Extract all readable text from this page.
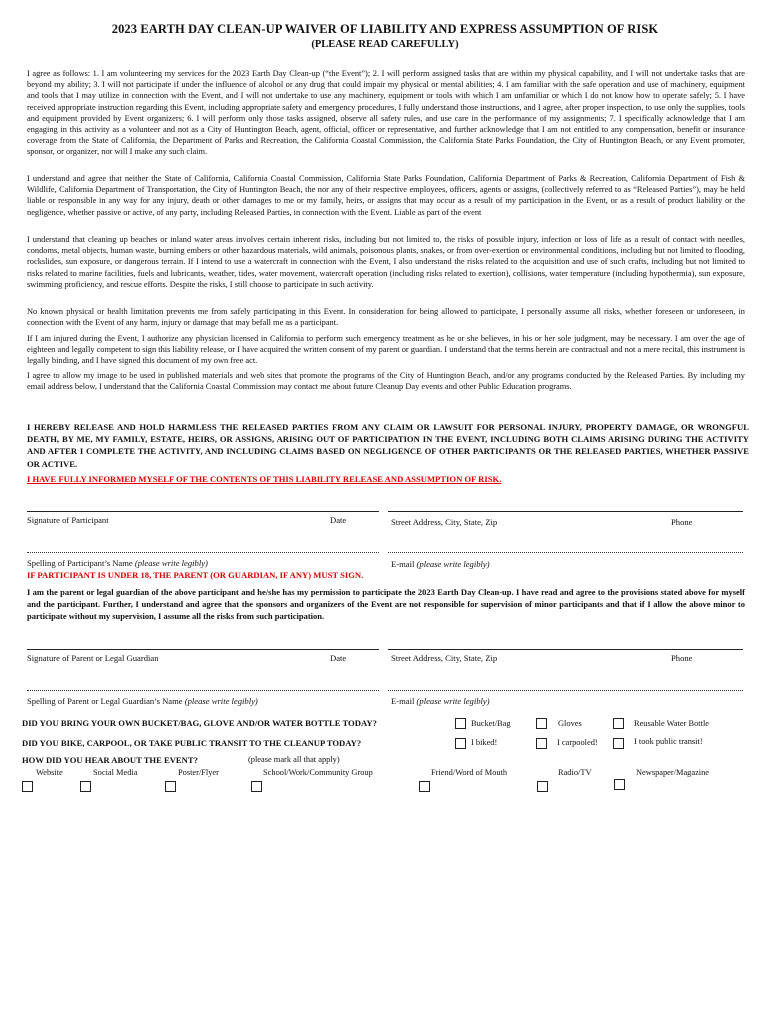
2023 EARTH DAY CLEAN-UP WAIVER OF LIABILITY AND EXPRESS ASSUMPTION OF RISK
(PLEASE READ CAREFULLY)

I agree as follows: 1. I am volunteering my services for the 2023 Earth Day Clean-up (“the Event”); 2. I will perform assigned tasks that are within my physical capability, and I will not undertake tasks that are beyond my ability; 3. I will not participate if under the influence of alcohol or any drug that could impair my physical or mental abilities; 4. I am familiar with the safe operation and use of machinery, equipment and tools that I may utilize in connection with the Event, and I will not undertake to use any machinery, equipment or tools with which I am unfamiliar or which I do not know how to operate safely; 5. I have received appropriate instruction regarding this Event, including appropriate safety and emergency procedures, I fully understand those instructions, and I agree, after proper inspection, to use only the supplies, tools and equipment provided by Event organizers; 6. I will perform only those tasks assigned, observe all safety rules, and use care in the performance of my assignments; 7. I specifically acknowledge that I am engaging in this activity as a volunteer and not as a City of Huntington Beach, agent, official, officer or representative, and further acknowledge that I am not entitled to any compensation, benefit or insurance coverage from the State of California, the Department of Parks and Recreation, the California Coastal Commission, the California State Parks Foundation, the City of Huntington Beach, or any Event promoter, sponsor, or organizer, nor will I make any such claim.

I understand and agree that neither the State of California, California Coastal Commission, California State Parks Foundation, California Department of Parks & Recreation, California Department of Fish & Wildlife, California Department of Transportation, the City of Huntington Beach, the nor any of their respective employees, officers, agents or assigns, (collectively referred to as “Released Parties”), may be held liable or responsible in any way for any injury, death or other damages to me or my family, heirs, or assigns that may occur as a result of my participation in the Event, or as a result of product liability or the negligence, whether passive or active, of any party, including Released Parties, in connection with the Event. Liable as part of the event

I understand that cleaning up beaches or inland water areas involves certain inherent risks, including but not limited to, the risks of possible injury, infection or loss of life as a result of contact with needles, condoms, metal objects, human waste, burning embers or other hazardous materials, wild animals, poisonous plants, snakes, or from over-exertion or environmental conditions, including but not limited to flooding, rockslides, sun exposure, or dangerous terrain. If I intend to use a watercraft in connection with the Event, I also understand the risks related to the acquisition and use of such crafts, including but not limited to risks related to marine facilities, fuels and lubricants, weather, tides, water movement, watercraft operation (including risks related to exertion), collisions, water temperature (including hypothermia), sun exposure, swimming proficiency, and rescue efforts. Despite the risks, I still choose to participate in such activity.

No known physical or health limitation prevents me from safely participating in this Event. In consideration for being allowed to participate, I personally assume all risks, whether foreseen or unforeseen, in connection with the Event of any harm, injury or damage that may befall me as a participant.

If I am injured during the Event, I authorize any physician licensed in California to perform such emergency treatment as he or she believes, in his or her sole judgment, may be necessary. I am over the age of eighteen and legally competent to sign this liability release, or I have acquired the written consent of my parent or guardian. I understand that the terms herein are contractual and not a mere recital, this instrument is legally binding, and I have signed this document of my own free act.

I agree to allow my image to be used in published materials and web sites that promote the programs of the City of Huntington Beach, and/or any programs conducted by the Released Parties. By including my email address below, I understand that the California Coastal Commission may contact me about future Cleanup Day events and other Public Education programs.

I HEREBY RELEASE AND HOLD HARMLESS THE RELEASED PARTIES FROM ANY CLAIM OR LAWSUIT FOR PERSONAL INJURY, PROPERTY DAMAGE, OR WRONGFUL DEATH, BY ME, MY FAMILY, ESTATE, HEIRS, OR ASSIGNS, ARISING OUT OF PARTICIPATION IN THE EVENT, INCLUDING BOTH CLAIMS ARISING DURING THE ACTIVITY AND AFTER I COMPLETE THE ACTIVITY, AND INCLUDING CLAIMS BASED ON NEGLIGENCE OF OTHER PARTICIPANTS OR THE RELEASED PARTIES, WHETHER PASSIVE OR ACTIVE.

I HAVE FULLY INFORMED MYSELF OF THE CONTENTS OF THIS LIABILITY RELEASE AND ASSUMPTION OF RISK.

Signature of Participant	Date	Street Address, City, State, Zip	Phone
Spelling of Participant’s Name (please write legibly)	E-mail (please write legibly)

IF PARTICIPANT IS UNDER 18, THE PARENT (OR GUARDIAN, IF ANY) MUST SIGN.

I am the parent or legal guardian of the above participant and he/she has my permission to participate the 2023 Earth Day Clean-up. I have read and agree to the provisions stated above for myself and the participant. Further, I understand and agree that the sponsors and organizers of the Event are not responsible for supervision of minor participants and that if I allow the above minor to participate without my supervision, I assume all the risks from such participation.

Signature of Parent or Legal Guardian	Date	Street Address, City, State, Zip	Phone
Spelling of Parent or Legal Guardian’s Name (please write legibly)	E-mail (please write legibly)
DID YOU BRING YOUR OWN BUCKET/BAG, GLOVE AND/OR WATER BOTTLE TODAY?	Bucket/Bag	Gloves	Reusable Water Bottle
DID YOU BIKE, CARPOOL, OR TAKE PUBLIC TRANSIT TO THE CLEANUP TODAY?	I biked!	I carpooled!	I took public transit!
HOW DID YOU HEAR ABOUT THE EVENT?	(please mark all that apply)
Website	Social Media	Poster/Flyer	School/Work/Community Group	Friend/Word of Mouth	Radio/TV	Newspaper/Magazine
